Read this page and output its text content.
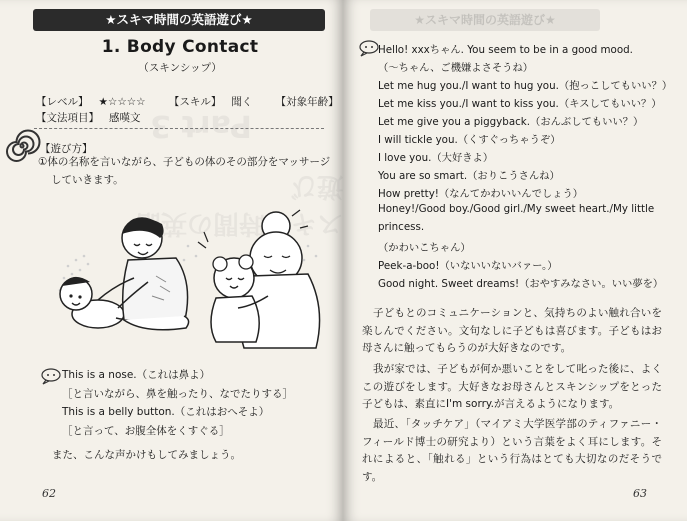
Part 3
スキマ時間の英語遊び
★スキマ時間の英語遊び★
1. Body Contact
（スキンシップ）
【レベル】 ★☆☆☆☆ 【スキル】 聞く 【対象年齢】
【文法項目】 感嘆文
【遊び方】
①体の名称を言いながら、子どもの体のその部分をマッサージ
していきます。
This is a nose.（これは鼻よ）
［と言いながら、鼻を触ったり、なでたりする］
This is a belly button.（これはおへそよ）
［と言って、お腹全体をくすぐる］
また、こんな声かけもしてみましょう。
62
★スキマ時間の英語遊び★
Hello! xxxちゃん. You seem to be in a good mood.
（〜ちゃん、ご機嫌よさそうね）
Let me hug you./I want to hug you.（抱っこしてもいい？）
Let me kiss you./I want to kiss you.（キスしてもいい？）
Let me give you a piggyback.（おんぶしてもいい？）
I will tickle you.（くすぐっちゃうぞ）
I love you.（大好きよ）
You are so smart.（おりこうさんね）
How pretty!（なんてかわいいんでしょう）
Honey!/Good boy./Good girl./My sweet heart./My little
princess.
（かわいこちゃん）
Peek-a-boo!（いないいないバァー。）
Good night. Sweet dreams!（おやすみなさい。いい夢を）
子どもとのコミュニケーションと、気持ちのよい触れ合いを楽しんでください。文句なしに子どもは喜びます。子どもはお母さんに触ってもらうのが大好きなのです。
我が家では、子どもが何か悪いことをして叱った後に、よくこの遊びをします。大好きなお母さんとスキンシップをとった子どもは、素直にI'm sorry.が言えるようになります。
最近、「タッチケア」（マイアミ大学医学部のティファニー・フィールド博士の研究より）という言葉をよく耳にします。それによると、「触れる」という行為はとても大切なのだそうです。
63
